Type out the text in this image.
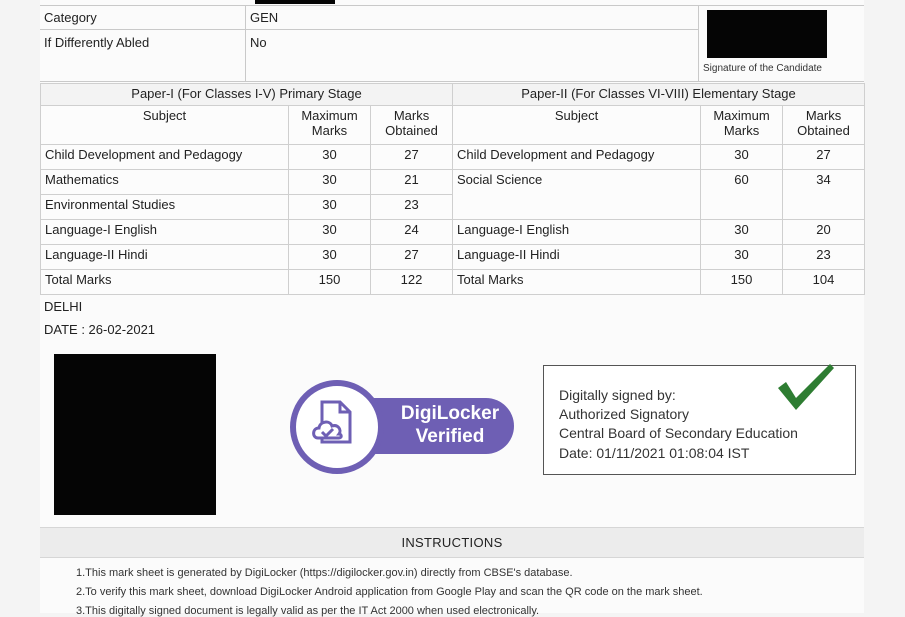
Category	GEN
If Differently Abled	No
Signature of the Candidate
Paper-I (For Classes I-V) Primary Stage			Paper-II (For Classes VI-VIII) Elementary Stage		
Subject	Maximum Marks	Marks Obtained	Subject	Maximum Marks	Marks Obtained
Child Development and Pedagogy	30	27	Child Development and Pedagogy	30	27
Mathematics	30	21	Social Science	60	34
Environmental Studies	30	23			
Language-I English	30	24	Language-I English	30	20
Language-II Hindi	30	27	Language-II Hindi	30	23
Total Marks	150	122	Total Marks	150	104
DELHI
DATE : 26-02-2021
DigiLocker
Verified
Digitally signed by:
Authorized Signatory
Central Board of Secondary Education
Date: 01/11/2021 01:08:04 IST
INSTRUCTIONS
1.This mark sheet is generated by DigiLocker (https://digilocker.gov.in) directly from CBSE's database.
2.To verify this mark sheet, download DigiLocker Android application from Google Play and scan the QR code on the mark sheet.
3.This digitally signed document is legally valid as per the IT Act 2000 when used electronically.
